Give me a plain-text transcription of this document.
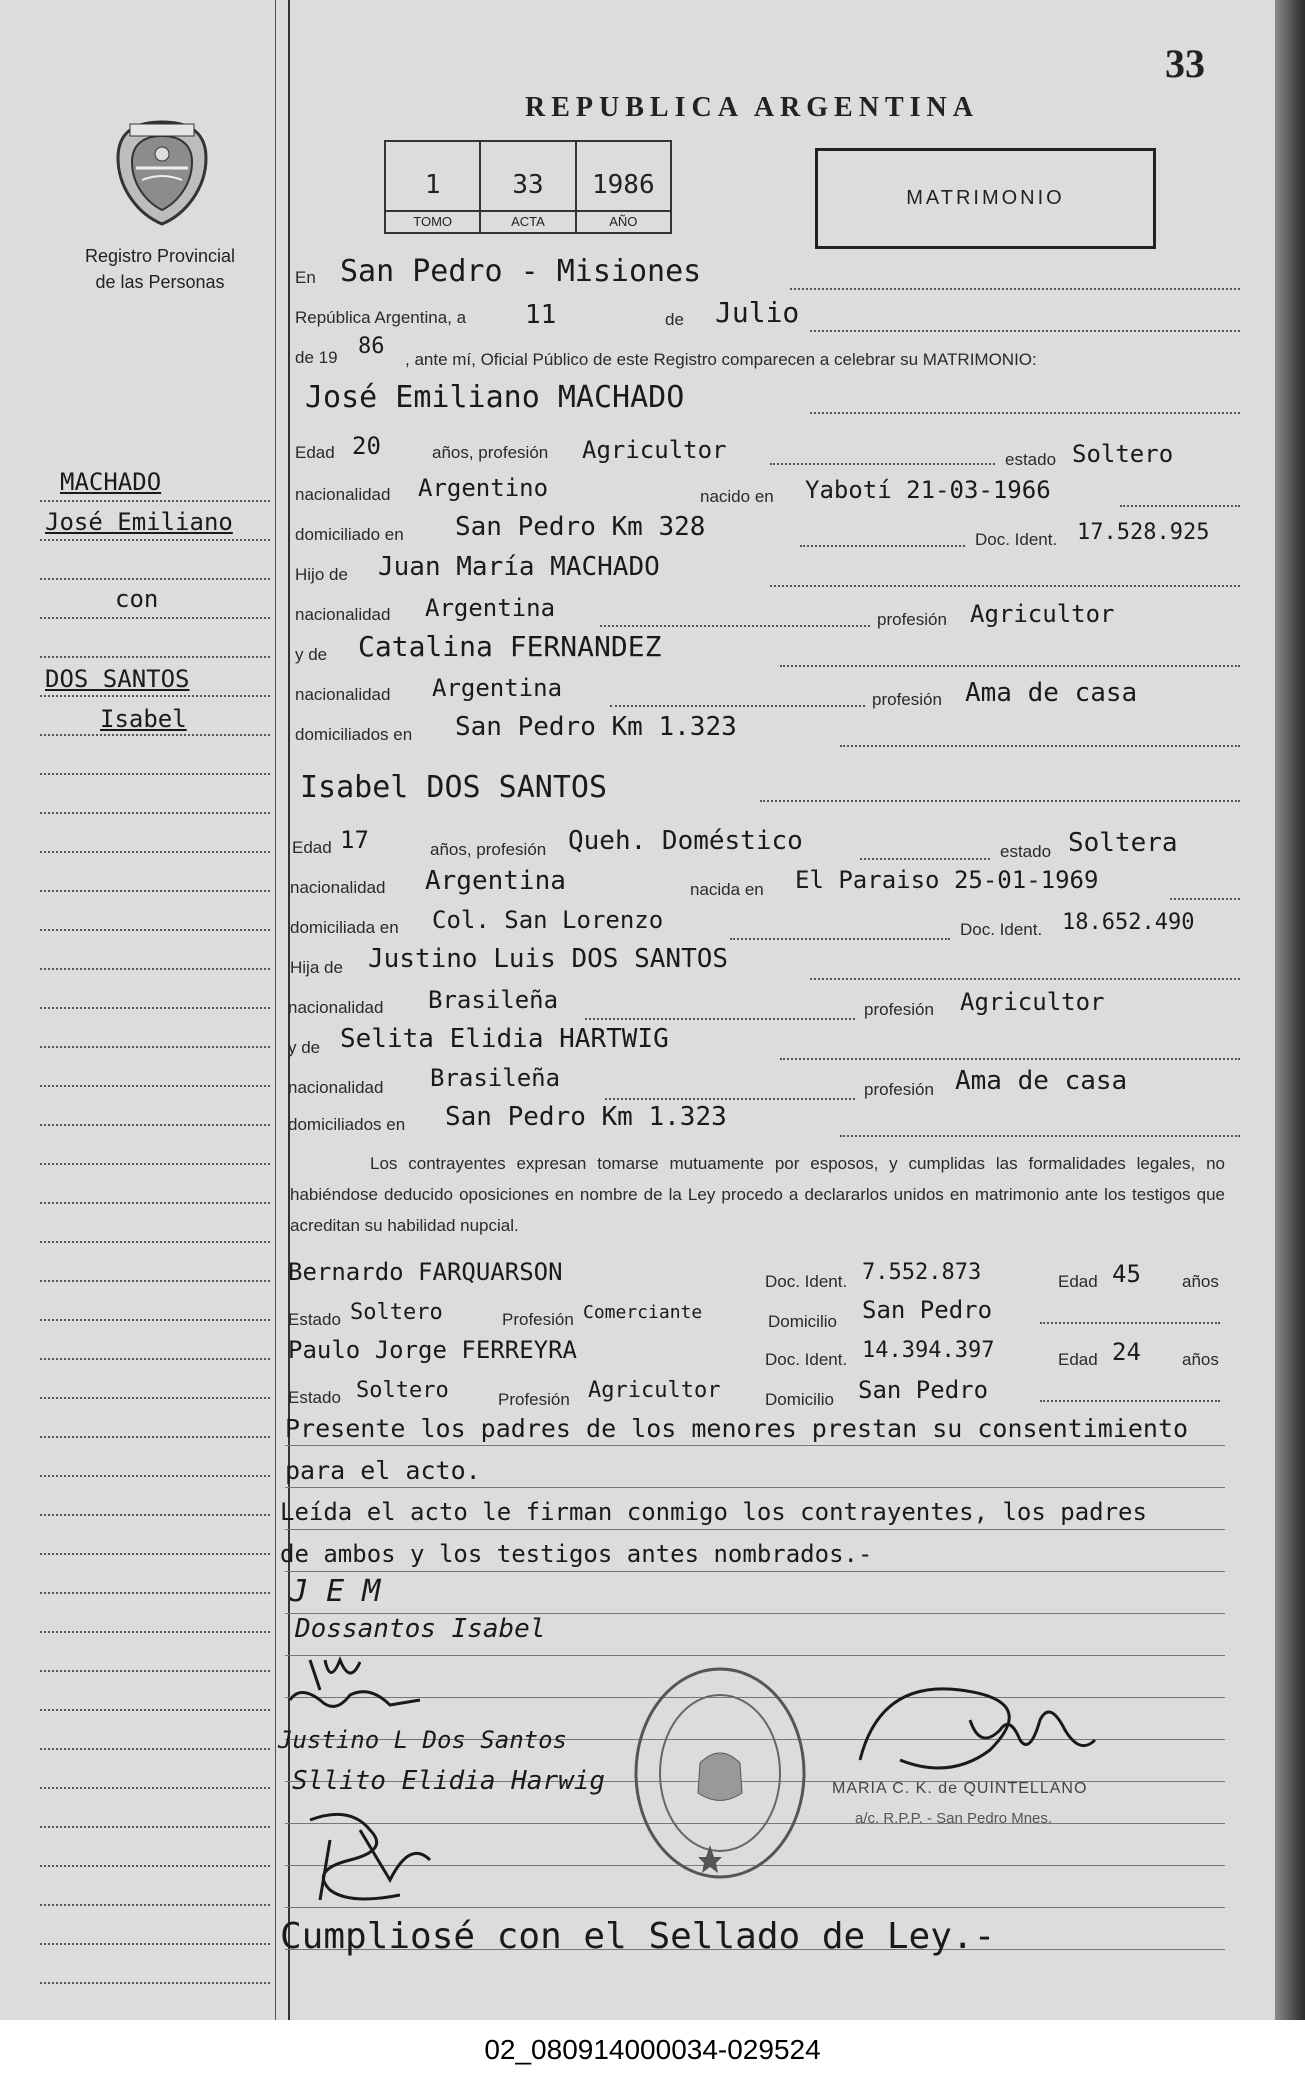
33
Registro Provincial
de las Personas
REPUBLICA ARGENTINA
1
TOMO
33
ACTA
1986
AÑO
MATRIMONIO
MACHADO
José Emiliano
con
DOS SANTOS
Isabel
En San Pedro - Misiones
República Argentina, a 11	de Julio
de 19 86
, ante mí, Oficial Público de este Registro comparecen a celebrar su MATRIMONIO:
José Emiliano MACHADO
Edad 20	años, profesión Agricultor	estado Soltero
nacionalidad Argentino	nacido en Yabotí 21-03-1966
domiciliado en San Pedro Km 328	Doc. Ident. 17.528.925
Hijo de Juan María MACHADO
nacionalidad Argentina	profesión Agricultor
y de Catalina FERNANDEZ
nacionalidad Argentina	profesión Ama de casa
domiciliados en San Pedro Km 1.323
Isabel DOS SANTOS
Edad 17	años, profesión Queh. Doméstico	estado Soltera
nacionalidad Argentina	nacida en El Paraiso 25-01-1969
domiciliada en Col. San Lorenzo	Doc. Ident. 18.652.490
Hija de Justino Luis DOS SANTOS
nacionalidad Brasileña	profesión Agricultor
y de Selita Elidia HARTWIG
nacionalidad Brasileña	profesión Ama de casa
domiciliados en San Pedro Km 1.323
Los contrayentes expresan tomarse mutuamente por esposos, y cumplidas las formalidades legales, no habiéndose deducido oposiciones en nombre de la Ley procedo a declararlos unidos en matrimonio ante los testigos que acreditan su habilidad nupcial.
Bernardo FARQUARSON	Doc. Ident. 7.552.873	Edad 45 años
Estado Soltero	Profesión Comerciante	Domicilio San Pedro
Paulo Jorge FERREYRA	Doc. Ident. 14.394.397	Edad 24 años
Estado Soltero	Profesión Agricultor	Domicilio San Pedro
Presente los padres de los menores prestan su consentimiento
para el acto.
Leída el acto le firman conmigo los contrayentes, los padres
de ambos y los testigos antes nombrados.-
J E M
Dossantos Isabel
Justino L Dos Santos
Sllito Elidia Harwig	MARIA C. K. de QUINTELLANO
a/c. R.P.P. - San Pedro Mnes.
Cumpliosé con el Sellado de Ley.-
02_080914000034-029524
